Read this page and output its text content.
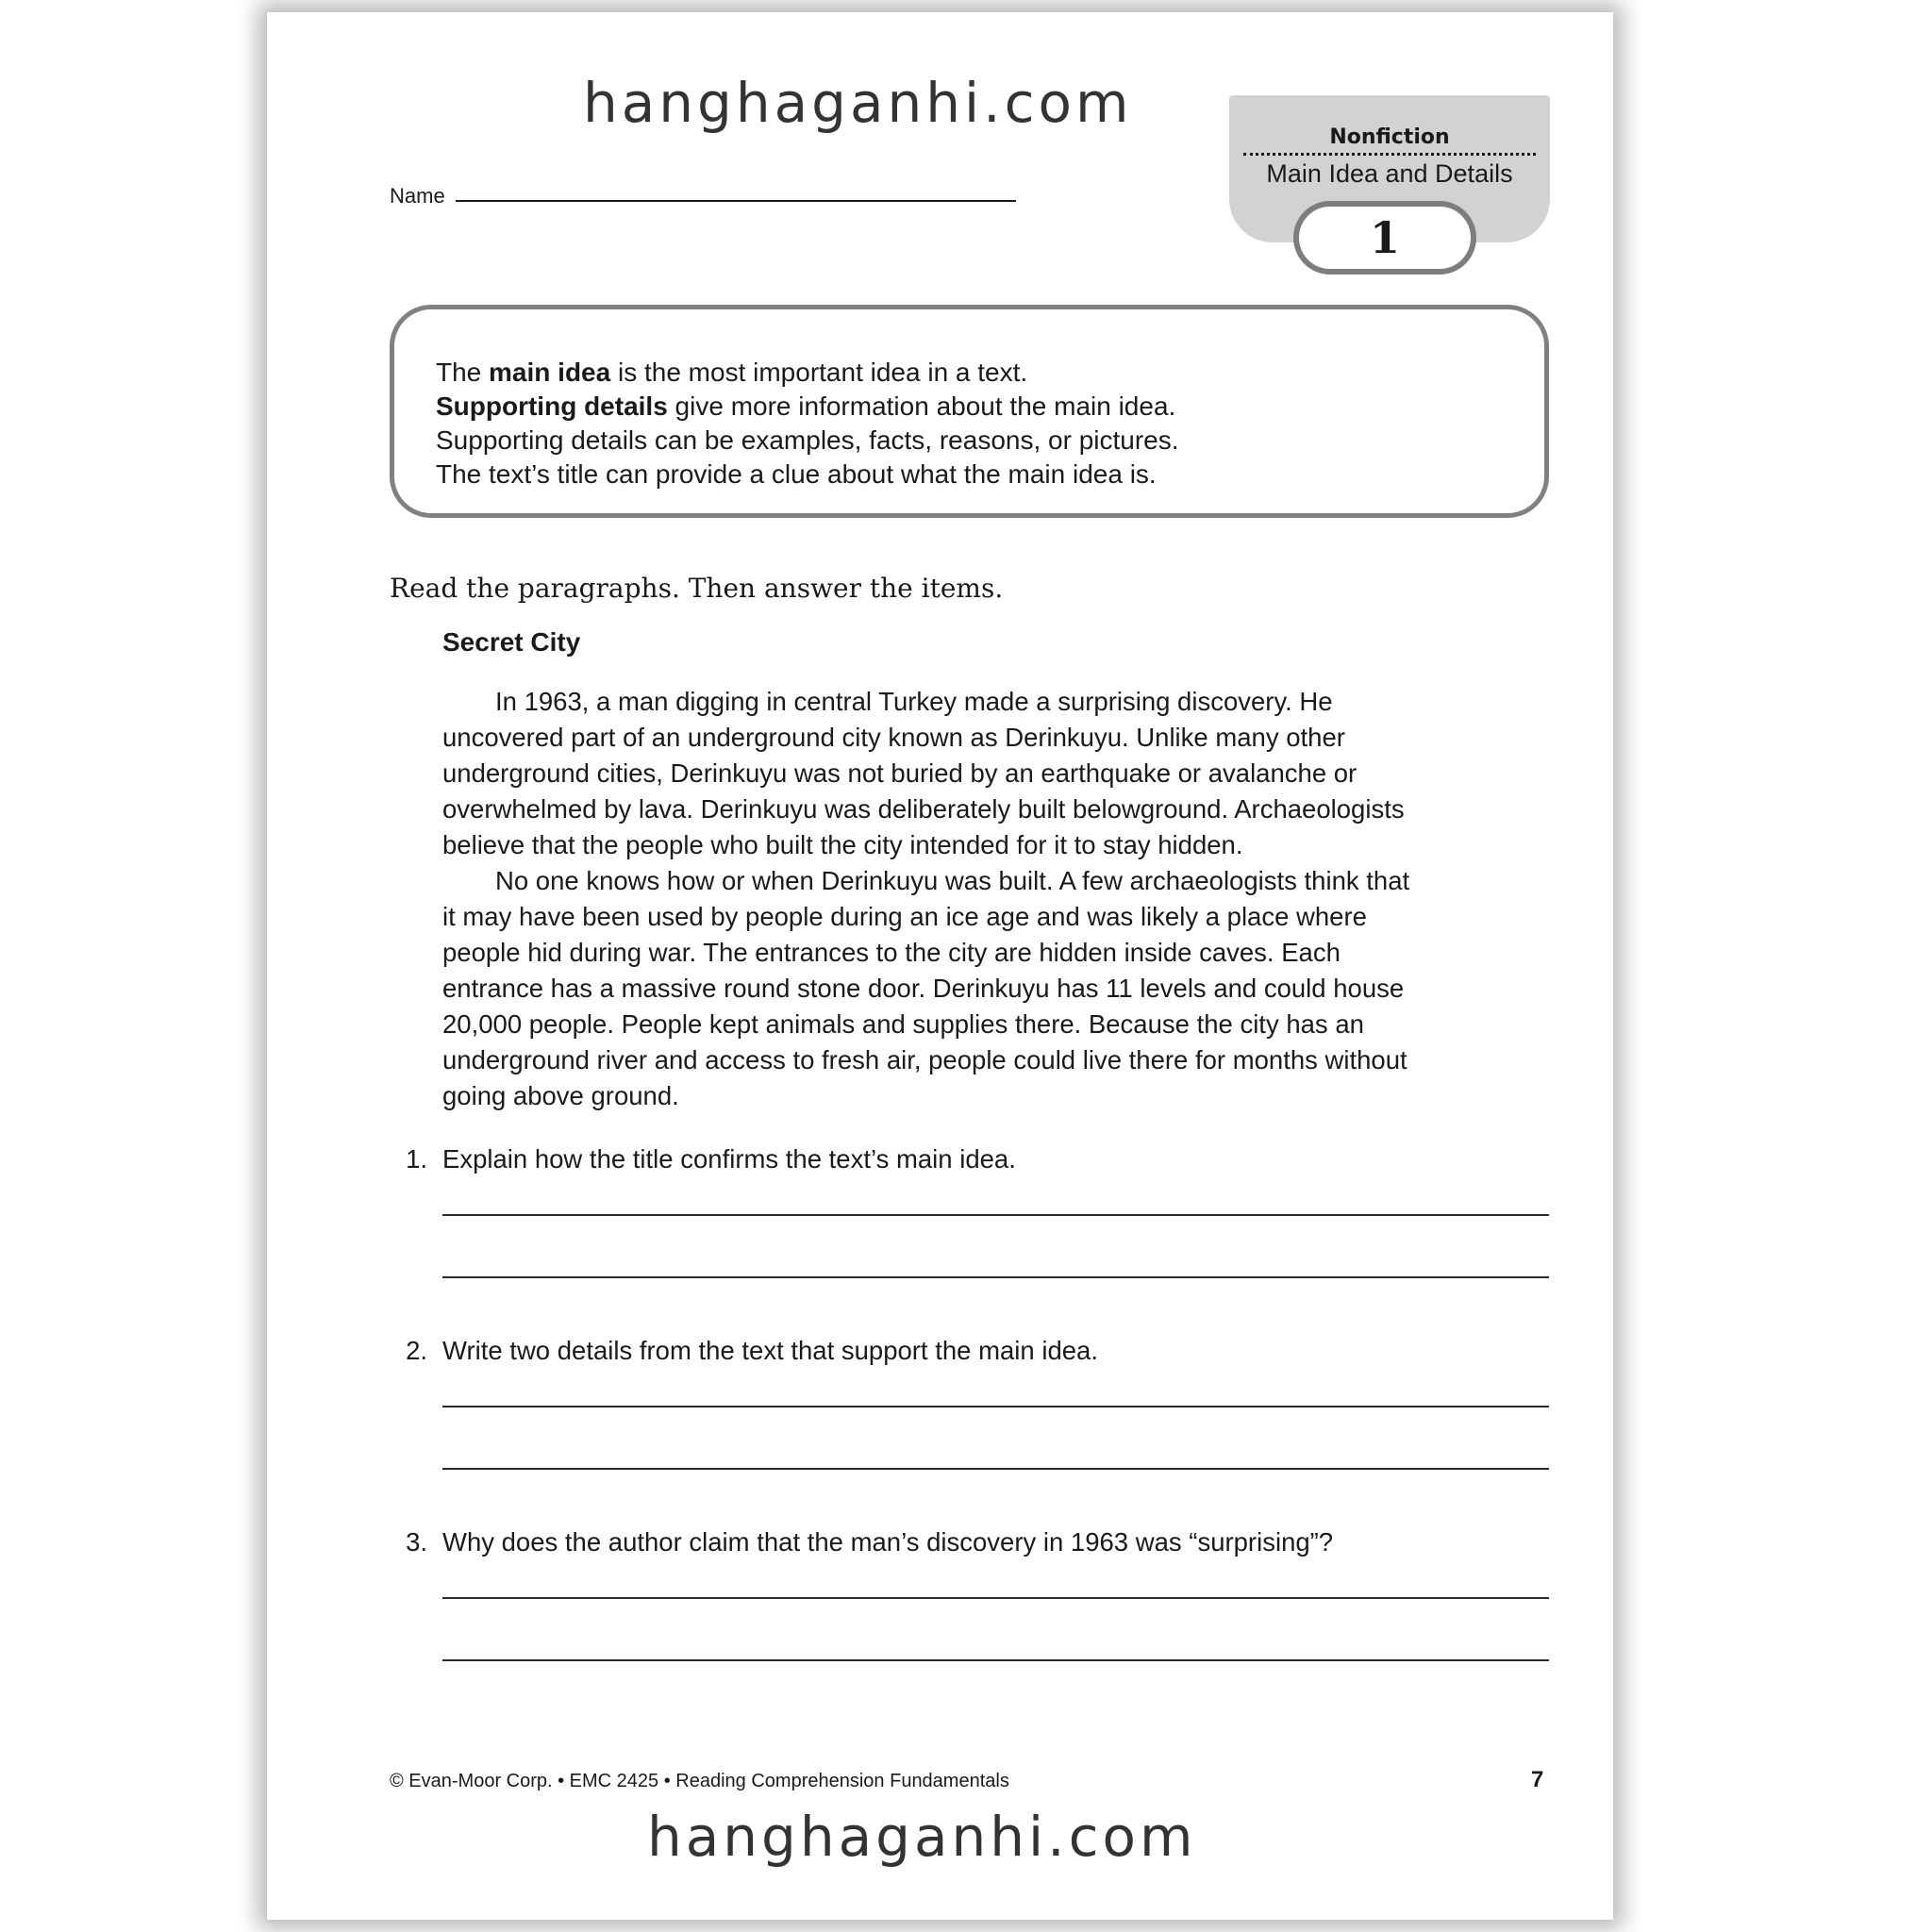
hanghaganhi.com
Name
Nonfiction
Main Idea and Details
1
The main idea is the most important idea in a text.
Supporting details give more information about the main idea.
Supporting details can be examples, facts, reasons, or pictures.
The text’s title can provide a clue about what the main idea is.
Read the paragraphs. Then answer the items.
Secret City
In 1963, a man digging in central Turkey made a surprising discovery. He
uncovered part of an underground city known as Derinkuyu. Unlike many other
underground cities, Derinkuyu was not buried by an earthquake or avalanche or
overwhelmed by lava. Derinkuyu was deliberately built belowground. Archaeologists
believe that the people who built the city intended for it to stay hidden.
No one knows how or when Derinkuyu was built. A few archaeologists think that
it may have been used by people during an ice age and was likely a place where
people hid during war. The entrances to the city are hidden inside caves. Each
entrance has a massive round stone door. Derinkuyu has 11 levels and could house
20,000 people. People kept animals and supplies there. Because the city has an
underground river and access to fresh air, people could live there for months without
going above ground.
1. Explain how the title confirms the text’s main idea.
2. Write two details from the text that support the main idea.
3. Why does the author claim that the man’s discovery in 1963 was “surprising”?
© Evan-Moor Corp. • EMC 2425 • Reading Comprehension Fundamentals	7
hanghaganhi.com
